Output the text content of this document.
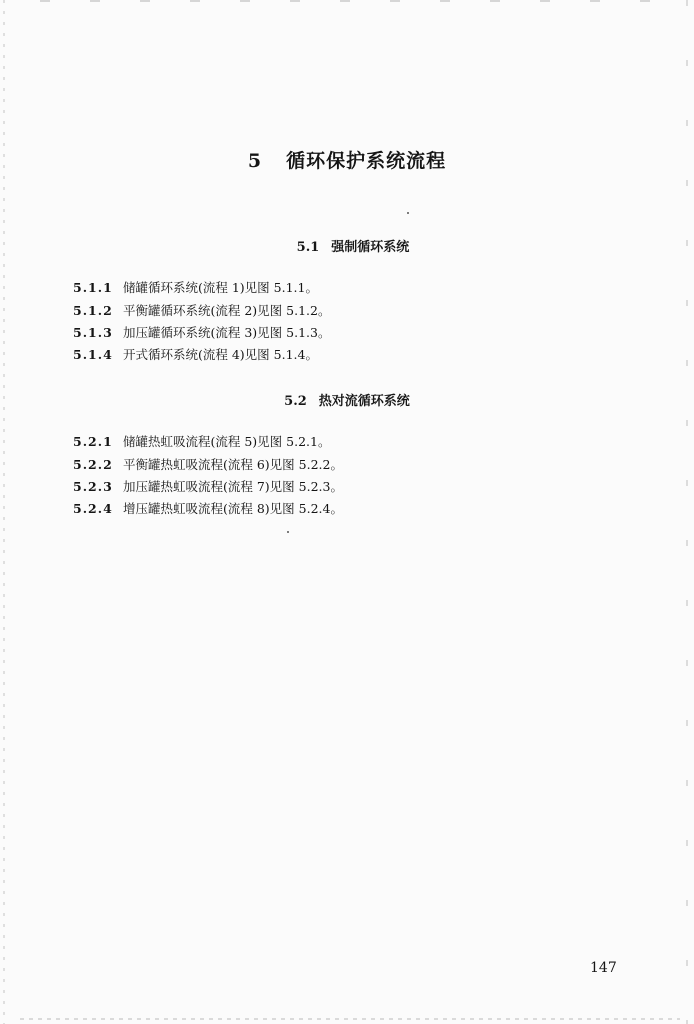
5 循环保护系统流程
5.1 强制循环系统
5.1.1 储罐循环系统(流程 1)见图 5.1.1。
5.1.2 平衡罐循环系统(流程 2)见图 5.1.2。
5.1.3 加压罐循环系统(流程 3)见图 5.1.3。
5.1.4 开式循环系统(流程 4)见图 5.1.4。
5.2 热对流循环系统
5.2.1 储罐热虹吸流程(流程 5)见图 5.2.1。
5.2.2 平衡罐热虹吸流程(流程 6)见图 5.2.2。
5.2.3 加压罐热虹吸流程(流程 7)见图 5.2.3。
5.2.4 增压罐热虹吸流程(流程 8)见图 5.2.4。
147
